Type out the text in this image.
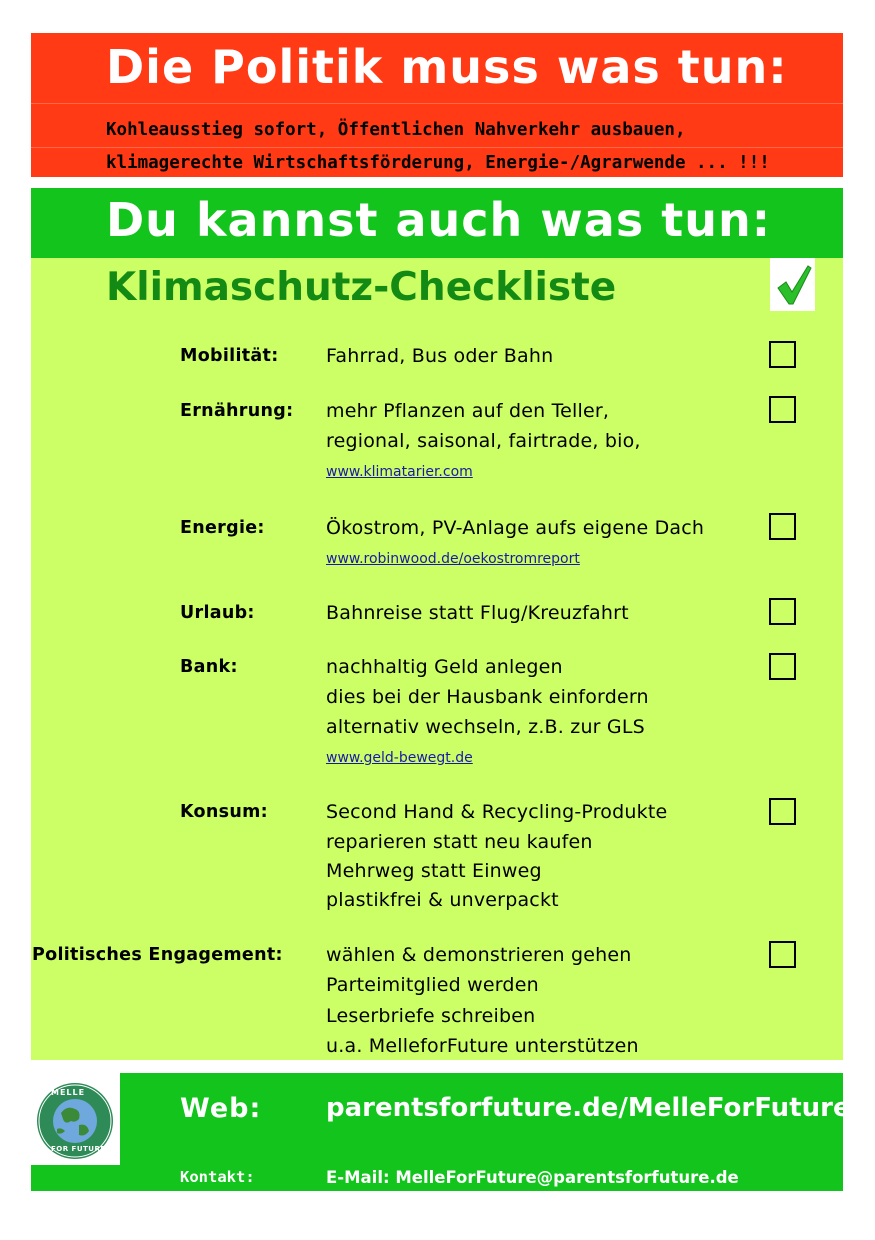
Die Politik muss was tun:
Kohleausstieg sofort, Öffentlichen Nahverkehr ausbauen,
klimagerechte Wirtschaftsförderung, Energie-/Agrarwende ... !!!
Du kannst auch was tun:
Klimaschutz-Checkliste
Mobilität:	Fahrrad, Bus oder Bahn
Ernährung: mehr Pflanzen auf den Teller,
regional, saisonal, fairtrade, bio,
www.klimatarier.com
Energie:	Ökostrom, PV-Anlage aufs eigene Dach
www.robinwood.de/oekostromreport
Urlaub:	Bahnreise statt Flug/Kreuzfahrt
Bank:	nachhaltig Geld anlegen
dies bei der Hausbank einfordern
alternativ wechseln, z.B. zur GLS
www.geld-bewegt.de
Konsum:	Second Hand & Recycling-Produkte
reparieren statt neu kaufen
Mehrweg statt Einweg
plastikfrei & unverpackt
Politisches Engagement: wählen & demonstrieren gehen
Parteimitglied werden
Leserbriefe schreiben
u.a. MelleforFuture unterstützen
MELLE
FOR FUTURE
Web: parentsforfuture.de/MelleForFuture
Kontakt:	E-Mail: MelleForFuture@parentsforfuture.de
